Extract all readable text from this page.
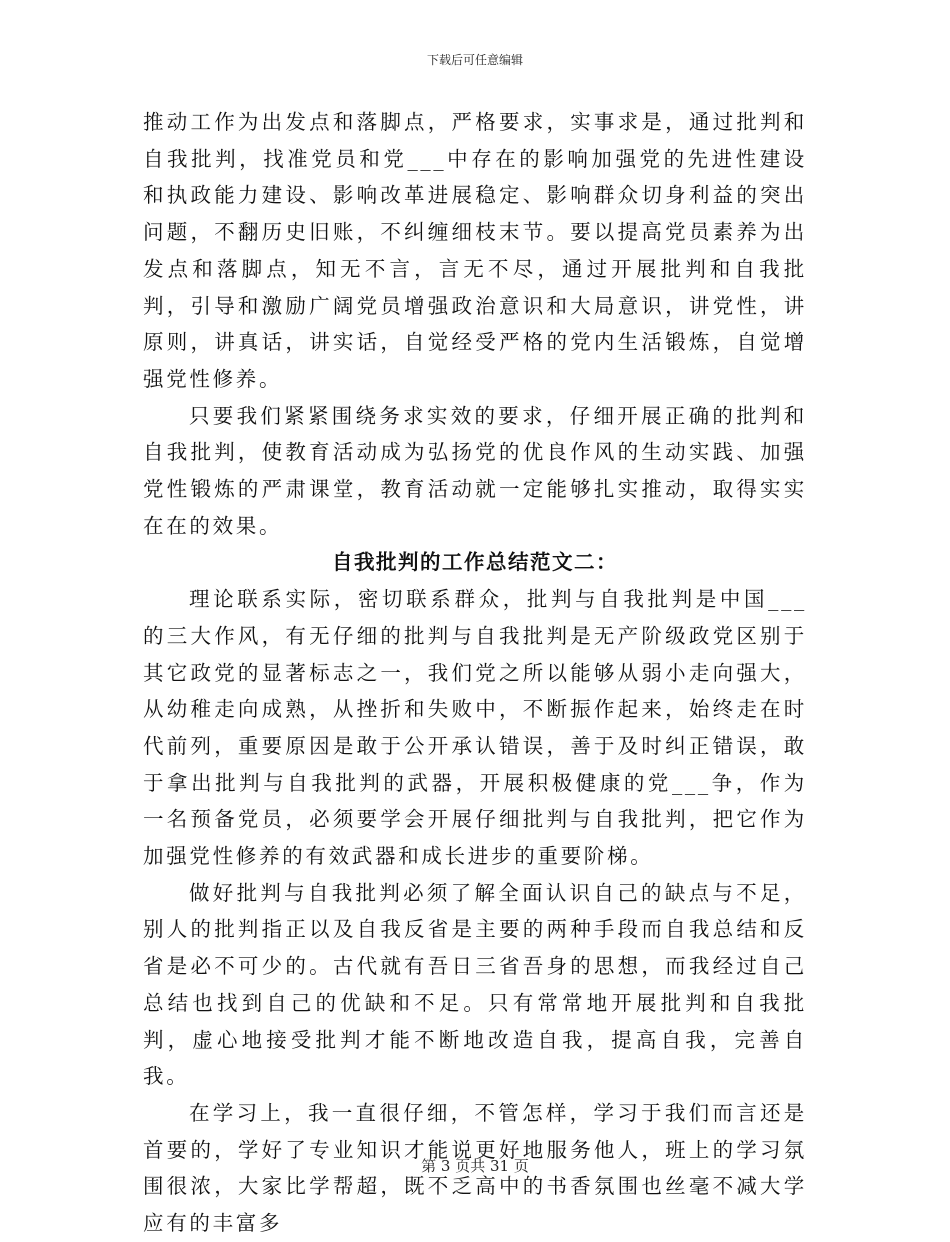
下载后可任意编辑

推动工作为出发点和落脚点，严格要求，实事求是，通过批判和自我批判，找准党员和党___中存在的影响加强党的先进性建设和执政能力建设、影响改革进展稳定、影响群众切身利益的突出问题，不翻历史旧账，不纠缠细枝末节。要以提高党员素养为出发点和落脚点，知无不言，言无不尽，通过开展批判和自我批判，引导和激励广阔党员增强政治意识和大局意识，讲党性，讲原则，讲真话，讲实话，自觉经受严格的党内生活锻炼，自觉增强党性修养。

只要我们紧紧围绕务求实效的要求，仔细开展正确的批判和自我批判，使教育活动成为弘扬党的优良作风的生动实践、加强党性锻炼的严肃课堂，教育活动就一定能够扎实推动，取得实实在在的效果。

自我批判的工作总结范文二：

理论联系实际，密切联系群众，批判与自我批判是中国___的三大作风，有无仔细的批判与自我批判是无产阶级政党区别于其它政党的显著标志之一，我们党之所以能够从弱小走向强大，从幼稚走向成熟，从挫折和失败中，不断振作起来，始终走在时代前列，重要原因是敢于公开承认错误，善于及时纠正错误，敢于拿出批判与自我批判的武器，开展积极健康的党___争，作为一名预备党员，必须要学会开展仔细批判与自我批判，把它作为加强党性修养的有效武器和成长进步的重要阶梯。

做好批判与自我批判必须了解全面认识自己的缺点与不足，别人的批判指正以及自我反省是主要的两种手段而自我总结和反省是必不可少的。古代就有吾日三省吾身的思想，而我经过自己总结也找到自己的优缺和不足。只有常常地开展批判和自我批判，虚心地接受批判才能不断地改造自我，提高自我，完善自我。

在学习上，我一直很仔细，不管怎样，学习于我们而言还是首要的，学好了专业知识才能说更好地服务他人，班上的学习氛围很浓，大家比学帮超，既不乏高中的书香氛围也丝毫不减大学应有的丰富多

第 3 页共 31 页
